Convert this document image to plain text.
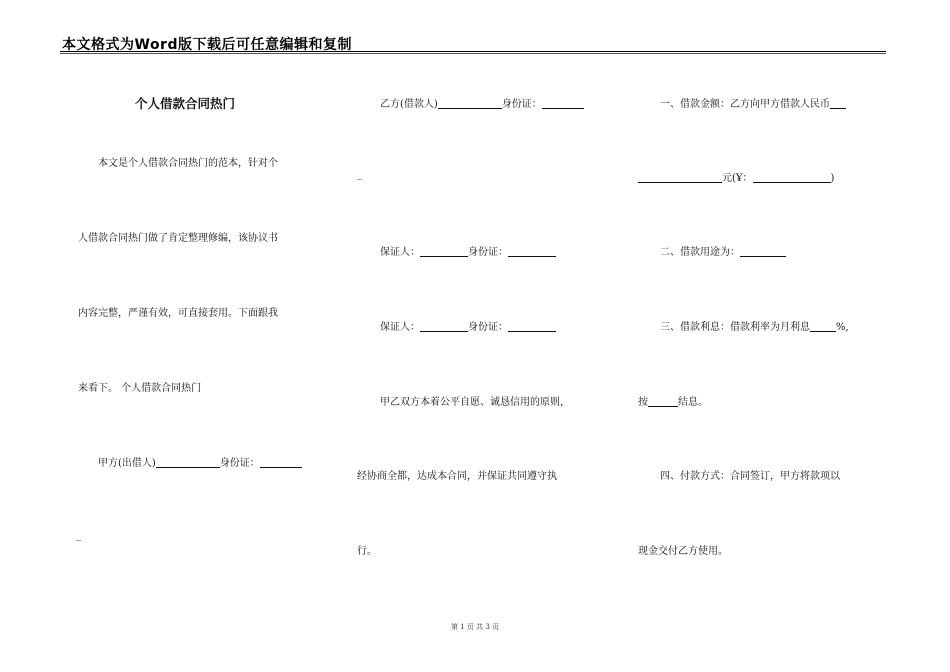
本文格式为Word版下载后可任意编辑和复制
个人借款合同热门
本文是个人借款合同热门的范本，针对个
人借款合同热门做了肯定整理修编，该协议书
内容完整，严谨有效，可直接套用。下面跟我
来看下。 个人借款合同热门
甲方(出借人)	身份证：
_
乙方(借款人)	身份证：
_
保证人：	身份证：
保证人：	身份证：
甲乙双方本着公平自愿、诚恳信用的原则，
经协商全都，达成本合同，并保证共同遵守执
行。
一、借款金额：乙方向甲方借款人民币
元(Ұ：	)
二、借款用途为：
三、借款利息：借款利率为月利息	%,
按	结息。
四、付款方式：合同签订，甲方将款项以
现金交付乙方使用。
第 1 页 共 3 页
